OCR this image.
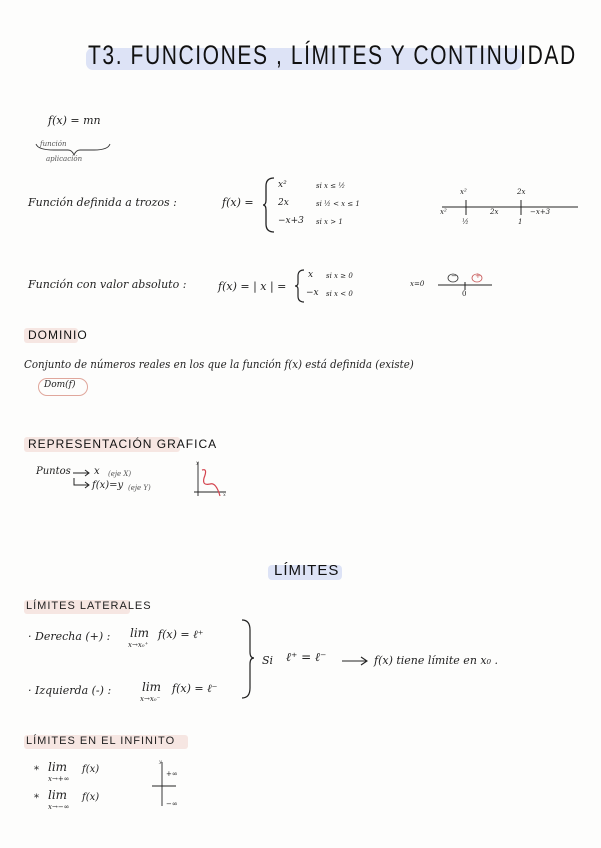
T3. FUNCIONES , LÍMITES Y CONTINUIDAD
f(x) = mn
función
aplicación
Función definida a trozos :	f(x) =
x²	si x ≤ ½
2x	si ½ < x ≤ 1
−x+3 si x > 1
x²	2x
x²	2x	−x+3
½	1
Función con valor absoluto :	f(x) = | x | =
x si x ≥ 0
−x si x < 0
x=0
−	+
0
DOMINIO
Conjunto de números reales en los que la función f(x) está definida (existe)
Dom(f)
REPRESENTACIÓN GRAFICA
Puntos x (eje X)
f(x)=y (eje Y)
y
x
LÍMITES
LÍMITES LATERALES
· Derecha (+) : lim
x→x₀⁺
f(x) = ℓ⁺
· Izquierda (-) :	lim
x→x₀⁻
f(x) = ℓ⁻
Si ℓ⁺ = ℓ⁻	f(x) tiene límite en x₀ .
LÍMITES EN EL INFINITO
* lim
x→+∞
f(x)
* lim
x→−∞
f(x)
y
+∞
−∞
